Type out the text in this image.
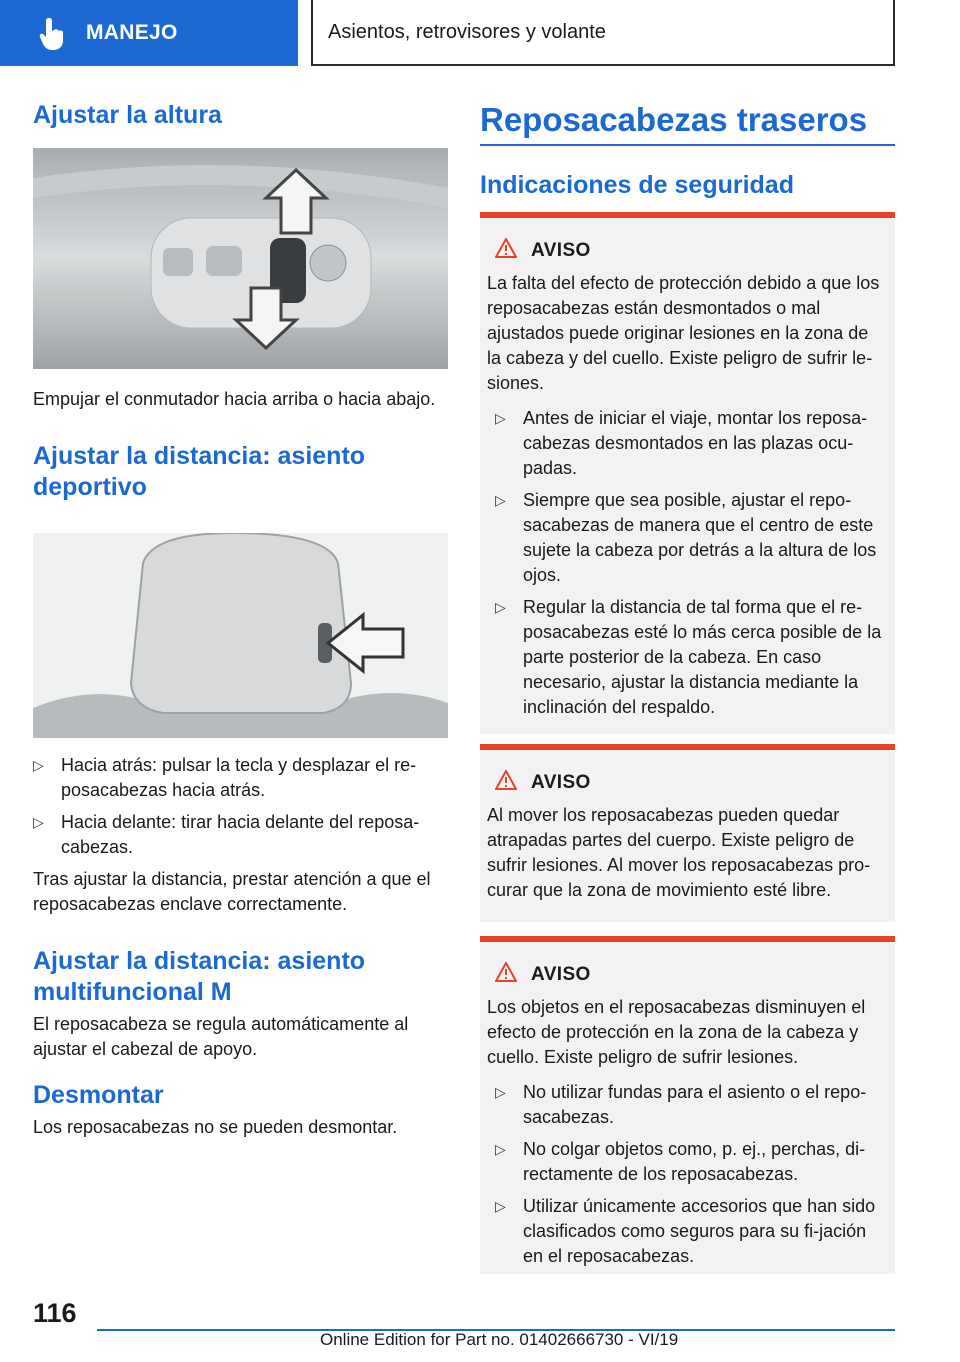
MANEJO	Asientos, retrovisores y volante
Ajustar la altura

Empujar el conmutador hacia arriba o hacia abajo.

Ajustar la distancia: asiento deportivo
▷ Hacia atrás: pulsar la tecla y desplazar el re-posacabezas hacia atrás.
▷ Hacia delante: tirar hacia delante del reposa-cabezas.

Tras ajustar la distancia, prestar atención a que el reposacabezas enclave correctamente.

Ajustar la distancia: asiento multifuncional M

El reposacabeza se regula automáticamente al ajustar el cabezal de apoyo.

Desmontar

Los reposacabezas no se pueden desmontar.

Reposacabezas traseros
Indicaciones de seguridad
AVISO

La falta del efecto de protección debido a que los reposacabezas están desmontados o mal ajustados puede originar lesiones en la zona de la cabeza y del cuello. Existe peligro de sufrir le-siones.

▷ Antes de iniciar el viaje, montar los reposa-cabezas desmontados en las plazas ocu-padas.
▷ Siempre que sea posible, ajustar el repo-sacabezas de manera que el centro de este sujete la cabeza por detrás a la altura de los ojos.
▷ Regular la distancia de tal forma que el re-posacabezas esté lo más cerca posible de la parte posterior de la cabeza. En caso necesario, ajustar la distancia mediante la inclinación del respaldo.
AVISO

Al mover los reposacabezas pueden quedar atrapadas partes del cuerpo. Existe peligro de sufrir lesiones. Al mover los reposacabezas pro-curar que la zona de movimiento esté libre.

AVISO

Los objetos en el reposacabezas disminuyen el efecto de protección en la zona de la cabeza y cuello. Existe peligro de sufrir lesiones.

▷ No utilizar fundas para el asiento o el repo-sacabezas.
▷ No colgar objetos como, p. ej., perchas, di-rectamente de los reposacabezas.
▷ Utilizar únicamente accesorios que han sido clasificados como seguros para su fi-jación en el reposacabezas.
116
Online Edition for Part no. 01402666730 - VI/19
